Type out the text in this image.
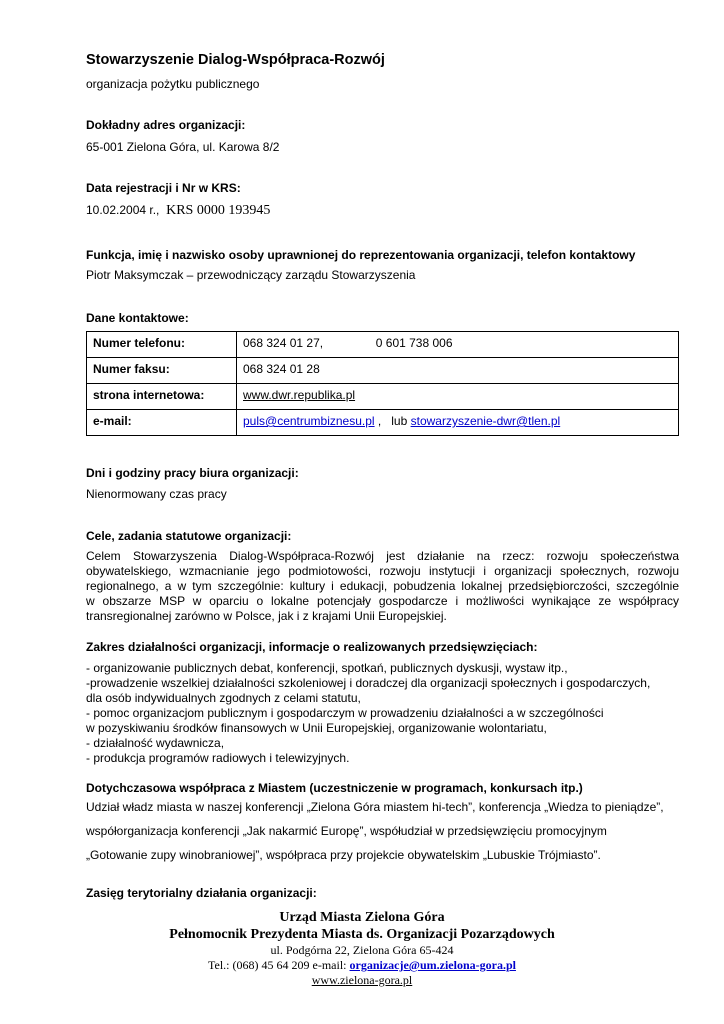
Stowarzyszenie Dialog-Współpraca-Rozwój
organizacja pożytku publicznego
Dokładny adres organizacji:
65-001 Zielona Góra, ul. Karowa 8/2
Data rejestracji i Nr w KRS:
10.02.2004 r., KRS 0000 193945
Funkcja, imię i nazwisko osoby uprawnionej do reprezentowania organizacji, telefon kontaktowy
Piotr Maksymczak – przewodniczący zarządu Stowarzyszenia
Dane kontaktowe:
Numer telefonu:	068 324 01 27, 0 601 738 006
Numer faksu:	068 324 01 28
strona internetowa:	www.dwr.republika.pl
e-mail:	puls@centrumbiznesu.pl ,   lub stowarzyszenie-dwr@tlen.pl
Dni i godziny pracy biura organizacji:
Nienormowany czas pracy
Cele, zadania statutowe organizacji:
Celem Stowarzyszenia Dialog-Współpraca-Rozwój jest działanie na rzecz: rozwoju społeczeństwa
obywatelskiego, wzmacnianie jego podmiotowości, rozwoju instytucji i organizacji społecznych, rozwoju
regionalnego, a w tym szczególnie: kultury i edukacji, pobudzenia lokalnej przedsiębiorczości, szczególnie
w obszarze MSP w oparciu o lokalne potencjały gospodarcze i możliwości wynikające ze współpracy
transregionalnej zarówno w Polsce, jak i z krajami Unii Europejskiej.
Zakres działalności organizacji, informacje o realizowanych przedsięwzięciach:
- organizowanie publicznych debat, konferencji, spotkań, publicznych dyskusji, wystaw itp.,
-prowadzenie wszelkiej działalności szkoleniowej i doradczej dla organizacji społecznych i gospodarczych,
dla osób indywidualnych zgodnych z celami statutu,
- pomoc organizacjom publicznym i gospodarczym w prowadzeniu działalności a w szczególności
w pozyskiwaniu środków finansowych w Unii Europejskiej, organizowanie wolontariatu,
- działalność wydawnicza,
- produkcja programów radiowych i telewizyjnych.
Dotychczasowa współpraca z Miastem (uczestniczenie w programach, konkursach itp.)
Udział władz miasta w naszej konferencji „Zielona Góra miastem hi-tech”, konferencja „Wiedza to pieniądze”,
współorganizacja konferencji „Jak nakarmić Europę”, współudział w przedsięwzięciu promocyjnym
„Gotowanie zupy winobraniowej”, współpraca przy projekcie obywatelskim „Lubuskie Trójmiasto”.
Zasięg terytorialny działania organizacji:
Urząd Miasta Zielona Góra
Pełnomocnik Prezydenta Miasta ds. Organizacji Pozarządowych
ul. Podgórna 22, Zielona Góra 65-424
Tel.: (068) 45 64 209 e-mail: organizacje@um.zielona-gora.pl
www.zielona-gora.pl
